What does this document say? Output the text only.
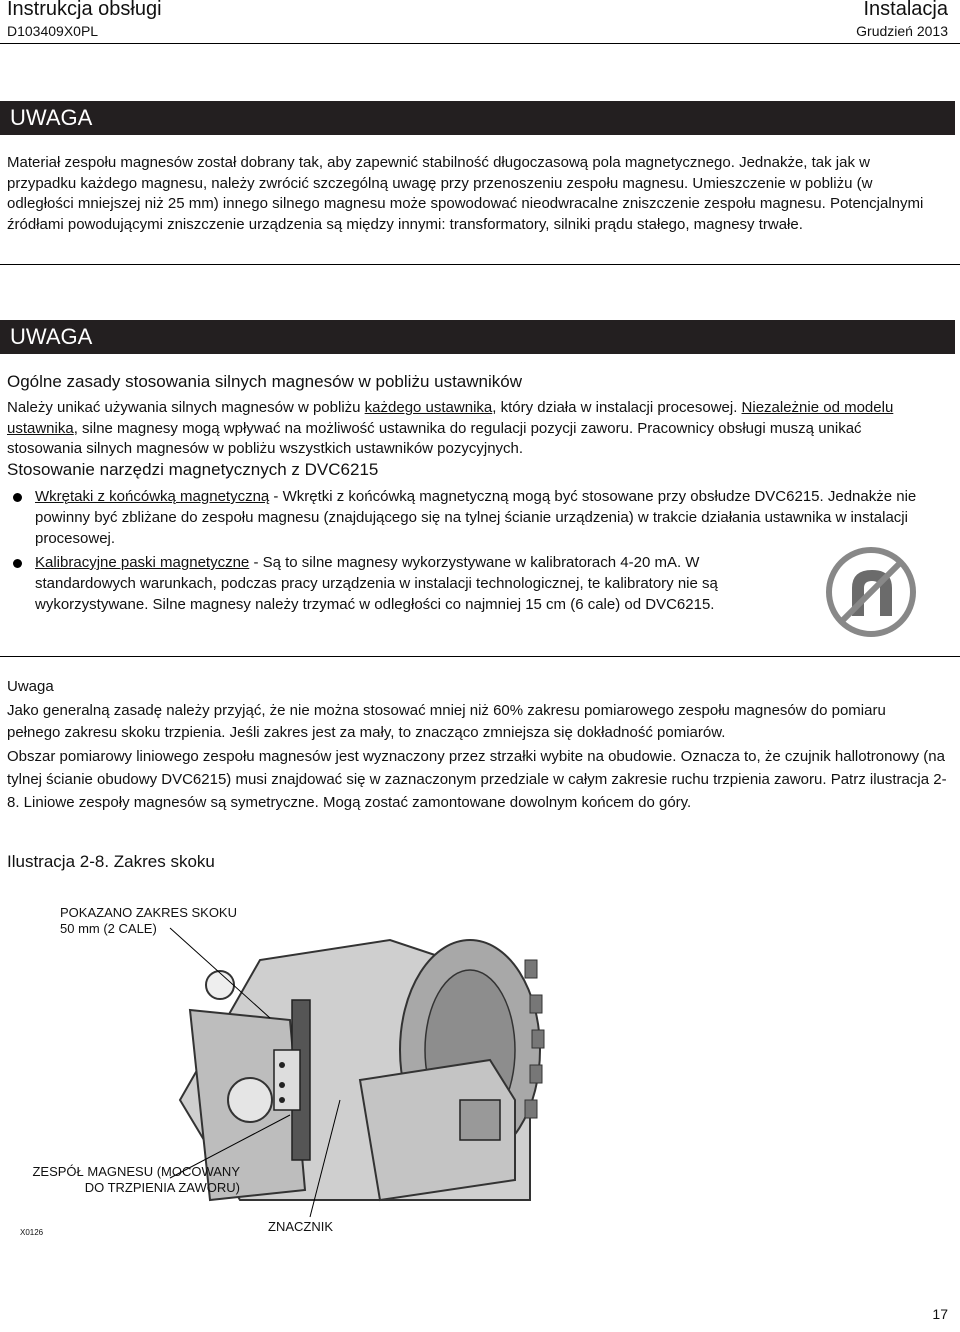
Instrukcja obsługi
D103409X0PL
Instalacja
Grudzień 2013
UWAGA
Materiał zespołu magnesów został dobrany tak, aby zapewnić stabilność długoczasową pola magnetycznego. Jednakże, tak jak w przypadku każdego magnesu, należy zwrócić szczególną uwagę przy przenoszeniu zespołu magnesu. Umieszczenie w pobliżu (w odległości mniejszej niż 25 mm) innego silnego magnesu może spowodować nieodwracalne zniszczenie zespołu magnesu. Potencjalnymi źródłami powodującymi zniszczenie urządzenia są między innymi: transformatory, silniki prądu stałego, magnesy trwałe.
UWAGA
Ogólne zasady stosowania silnych magnesów w pobliżu ustawników
Należy unikać używania silnych magnesów w pobliżu każdego ustawnika, który działa w instalacji procesowej. Niezależnie od modelu ustawnika, silne magnesy mogą wpływać na możliwość ustawnika do regulacji pozycji zaworu. Pracownicy obsługi muszą unikać stosowania silnych magnesów w pobliżu wszystkich ustawników pozycyjnych.
Stosowanie narzędzi magnetycznych z DVC6215
Wkrętaki z końcówką magnetyczną - Wkrętki z końcówką magnetyczną mogą być stosowane przy obsłudze DVC6215. Jednakże nie powinny być zbliżane do zespołu magnesu (znajdującego się na tylnej ścianie urządzenia) w trakcie działania ustawnika w instalacji procesowej.
Kalibracyjne paski magnetyczne - Są to silne magnesy wykorzystywane w kalibratorach 4-20 mA. W standardowych warunkach, podczas pracy urządzenia w instalacji technologicznej, te kalibratory nie są wykorzystywane. Silne magnesy należy trzymać w odległości co najmniej 15 cm (6 cale) od DVC6215.
Uwaga
Jako generalną zasadę należy przyjąć, że nie można stosować mniej niż 60% zakresu pomiarowego zespołu magnesów do pomiaru pełnego zakresu skoku trzpienia. Jeśli zakres jest za mały, to znacząco zmniejsza się dokładność pomiarów.
Obszar pomiarowy liniowego zespołu magnesów jest wyznaczony przez strzałki wybite na obudowie. Oznacza to, że czujnik hallotronowy (na tylnej ścianie obudowy DVC6215) musi znajdować się w zaznaczonym przedziale w całym zakresie ruchu trzpienia zaworu. Patrz ilustracja 2-8. Liniowe zespoły magnesów są symetryczne. Mogą zostać zamontowane dowolnym końcem do góry.
Ilustracja 2-8. Zakres skoku
POKAZANO ZAKRES SKOKU
50 mm (2 CALE)
ZESPÓŁ MAGNESU (MOCOWANY
DO TRZPIENIA ZAWORU)
ZNACZNIK
X0126
17
